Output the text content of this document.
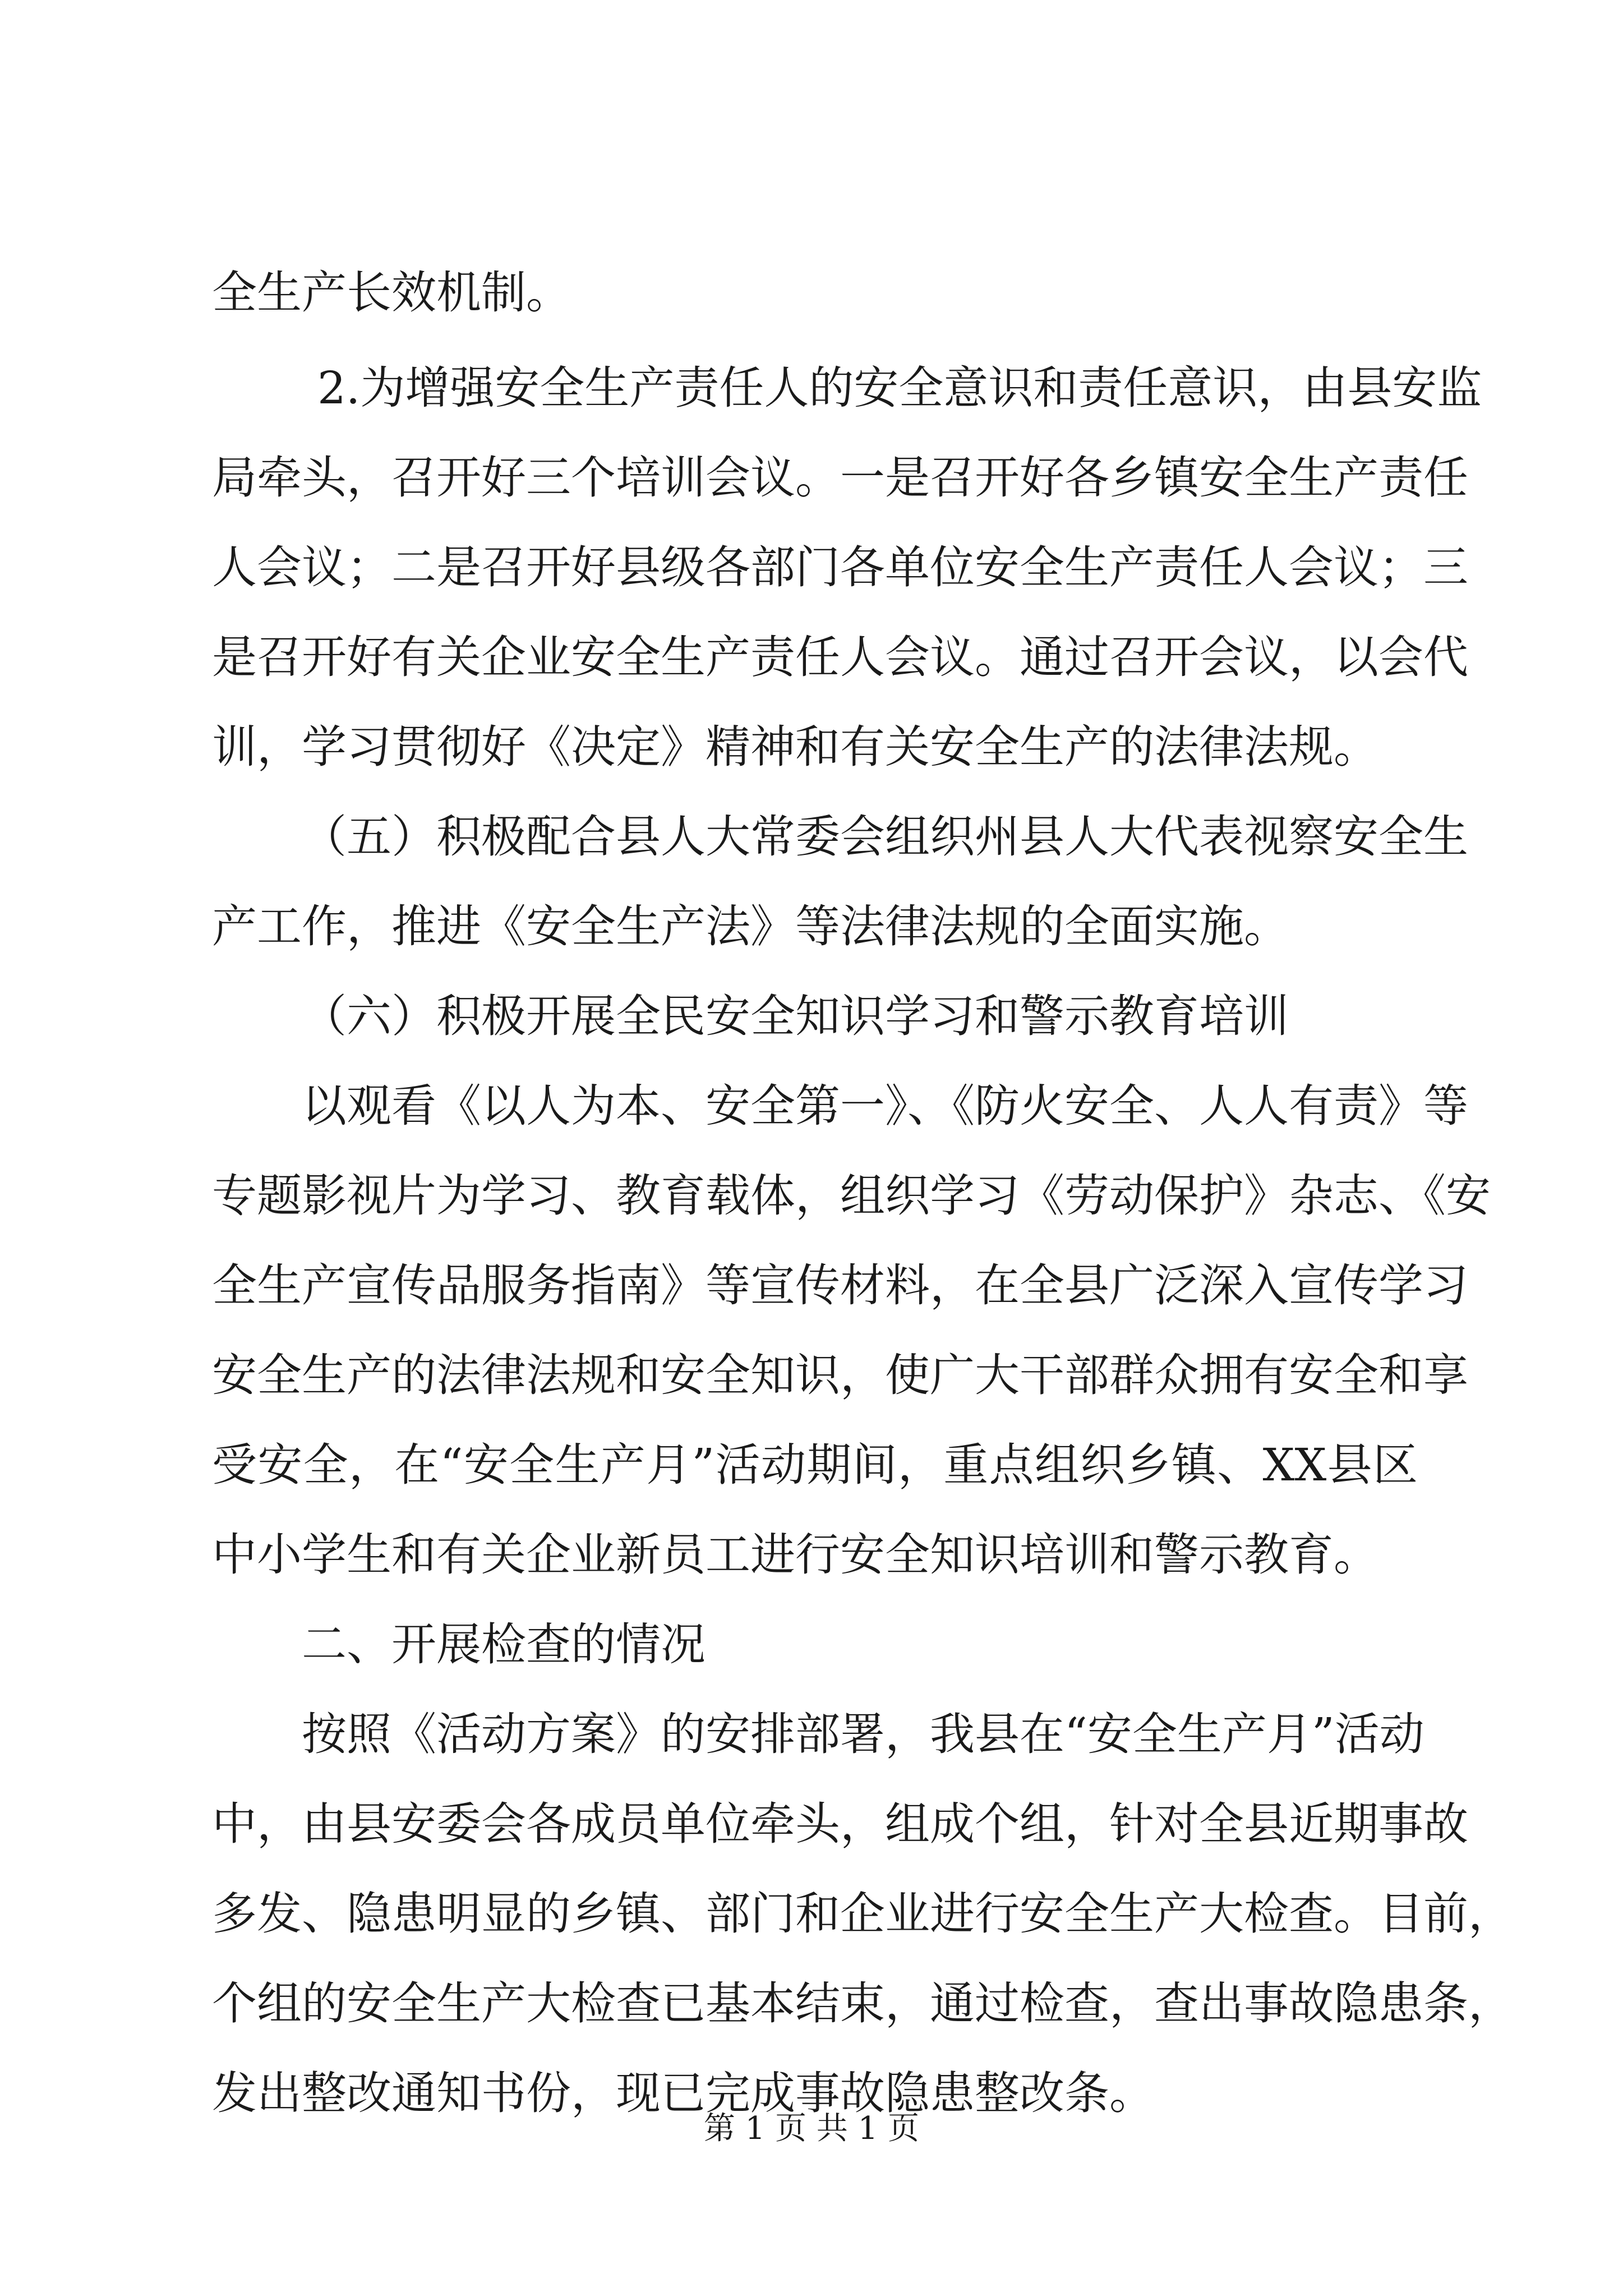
全生产长效机制。
2.为增强安全生产责任人的安全意识和责任意识，由县安监
局牵头，召开好三个培训会议。一是召开好各乡镇安全生产责任
人会议；二是召开好县级各部门各单位安全生产责任人会议；三
是召开好有关企业安全生产责任人会议。通过召开会议，以会代
训，学习贯彻好《决定》精神和有关安全生产的法律法规。
（五）积极配合县人大常委会组织州县人大代表视察安全生
产工作，推进《安全生产法》等法律法规的全面实施。
（六）积极开展全民安全知识学习和警示教育培训
以观看《以人为本、安全第一》、《防火安全、人人有责》等
专题影视片为学习、教育载体，组织学习《劳动保护》杂志、《安
全生产宣传品服务指南》等宣传材料，在全县广泛深入宣传学习
安全生产的法律法规和安全知识，使广大干部群众拥有安全和享
受安全，在“安全生产月”活动期间，重点组织乡镇、XX县区
中小学生和有关企业新员工进行安全知识培训和警示教育。
二、开展检查的情况
按照《活动方案》的安排部署，我县在“安全生产月”活动
中，由县安委会各成员单位牵头，组成个组，针对全县近期事故
多发、隐患明显的乡镇、部门和企业进行安全生产大检查。目前，
个组的安全生产大检查已基本结束，通过检查，查出事故隐患条，
发出整改通知书份，现已完成事故隐患整改条。
第 1 页 共 1 页
